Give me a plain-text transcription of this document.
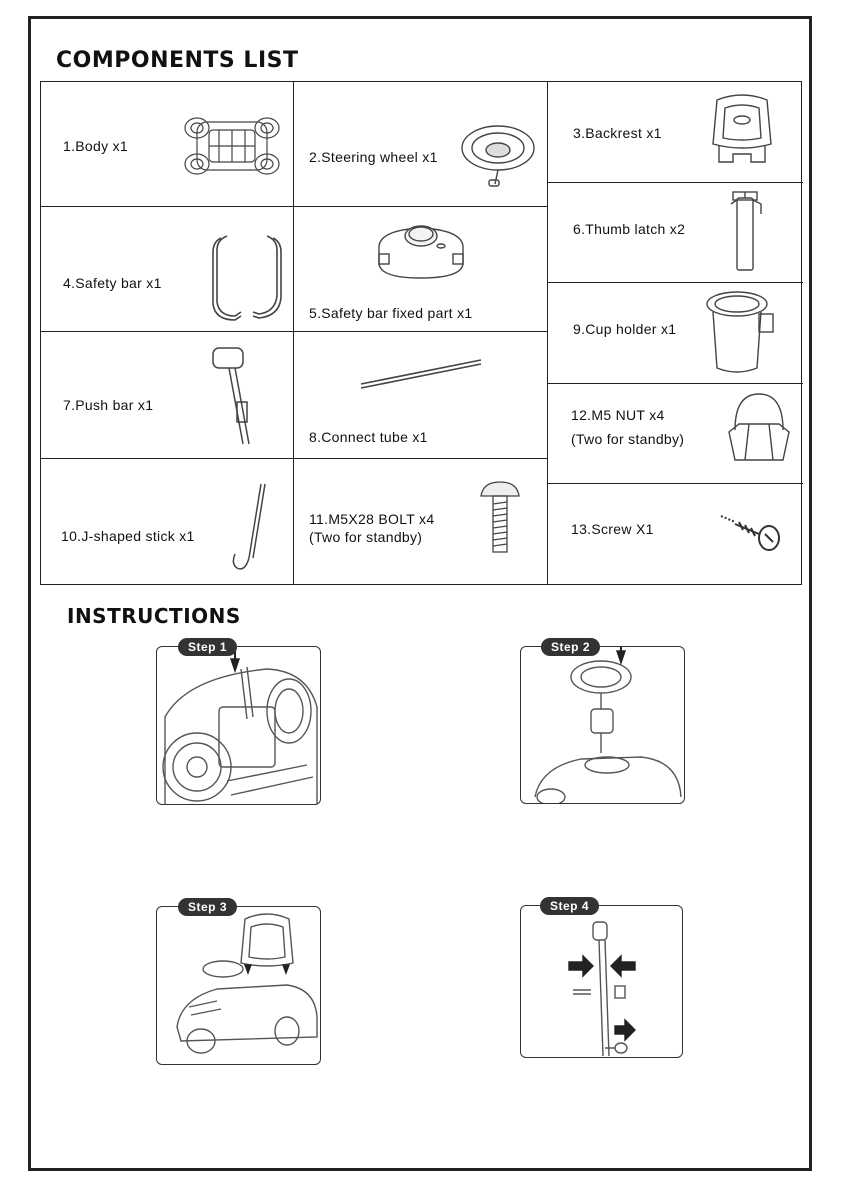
COMPONENTS LIST
1.Body x1
2.Steering wheel x1
3.Backrest x1
4.Safety bar x1
5.Safety bar fixed part x1
6.Thumb latch x2
7.Push bar x1
8.Connect tube x1
9.Cup holder x1
10.J-shaped stick x1
11.M5X28 BOLT x4
(Two for standby)
12.M5 NUT x4
(Two for standby)
13.Screw X1
INSTRUCTIONS
Step 1	Step 2
Step 3	Step 4
